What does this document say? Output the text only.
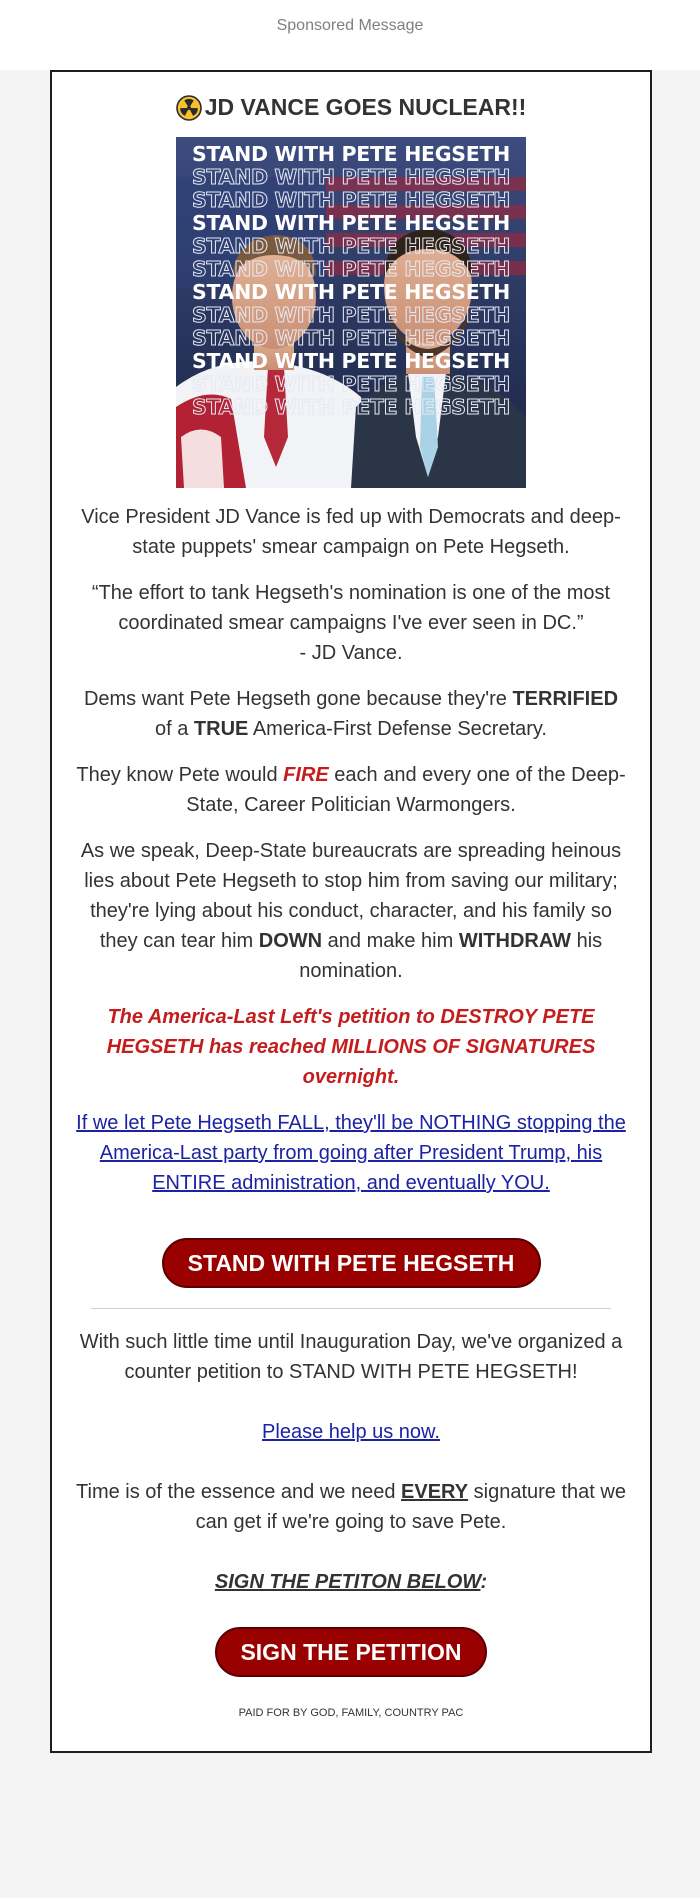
Sponsored Message
JD VANCE GOES NUCLEAR!!
STAND WITH PETE HEGSETH
STAND WITH PETE HEGSETH
STAND WITH PETE HEGSETH
STAND WITH PETE HEGSETH
STAND WITH PETE HEGSETH
STAND WITH PETE HEGSETH
STAND WITH PETE HEGSETH
STAND WITH PETE HEGSETH
STAND WITH PETE HEGSETH
STAND WITH PETE HEGSETH
STAND WITH PETE HEGSETH
STAND WITH PETE HEGSETH

Vice President JD Vance is fed up with Democrats and deep-state puppets' smear campaign on Pete Hegseth.

“The effort to tank Hegseth's nomination is one of the most coordinated smear campaigns I've ever seen in DC.”
- JD Vance.

Dems want Pete Hegseth gone because they're TERRIFIED of a TRUE America-First Defense Secretary.

They know Pete would FIRE each and every one of the Deep-State, Career Politician Warmongers.

As we speak, Deep-State bureaucrats are spreading heinous lies about Pete Hegseth to stop him from saving our military; they're lying about his conduct, character, and his family so they can tear him DOWN and make him WITHDRAW his nomination.

The America-Last Left's petition to DESTROY PETE HEGSETH has reached MILLIONS OF SIGNATURES overnight.

If we let Pete Hegseth FALL, they'll be NOTHING stopping the America-Last party from going after President Trump, his ENTIRE administration, and eventually YOU.

STAND WITH PETE HEGSETH

With such little time until Inauguration Day, we've organized a counter petition to STAND WITH PETE HEGSETH!

Please help us now.

Time is of the essence and we need EVERY signature that we can get if we're going to save Pete.

SIGN THE PETITON BELOW:

SIGN THE PETITION
PAID FOR BY GOD, FAMILY, COUNTRY PAC
